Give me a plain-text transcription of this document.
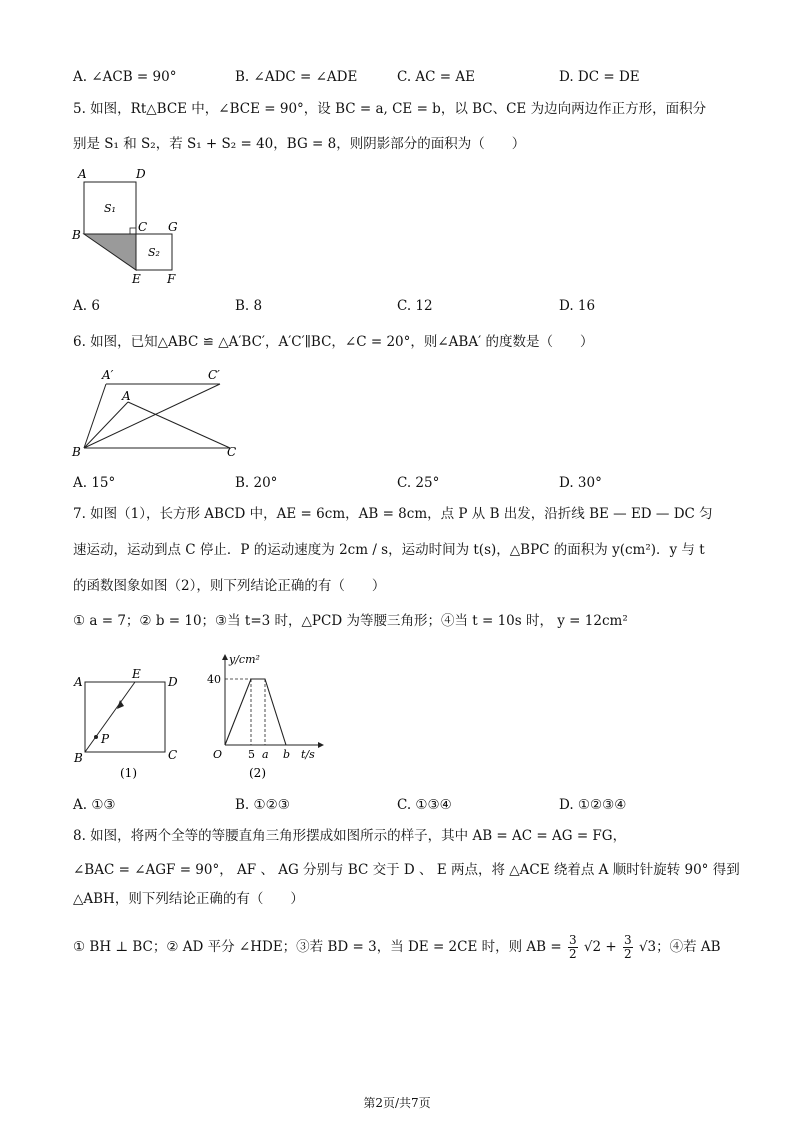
A. ∠ACB = 90°	B. ∠ADC = ∠ADE	C. AC = AE	D. DC = DE
5. 如图，Rt△BCE 中，∠BCE = 90°，设 BC = a, CE = b，以 BC、CE 为边向两边作正方形，面积分
别是 S₁ 和 S₂，若 S₁ + S₂ = 40，BG = 8，则阴影部分的面积为（　　）
A	D
B
C G
E F
S₁
S₂
A. 6	B. 8	C. 12	D. 16
6. 如图，已知△ABC ≌ △A′BC′，A′C′∥BC，∠C = 20°，则∠ABA′ 的度数是（　　）
A′	C′
A
B	C
A. 15°	B. 20°	C. 25°	D. 30°
7. 如图（1），长方形 ABCD 中，AE = 6cm，AB = 8cm，点 P 从 B 出发，沿折线 BE — ED — DC 匀
速运动，运动到点 C 停止．P 的运动速度为 2cm / s，运动时间为 t(s)，△BPC 的面积为 y(cm²)．y 与 t
的函数图象如图（2），则下列结论正确的有（　　）
① a = 7；② b = 10；③当 t=3 时，△PCD 为等腰三角形；④当 t = 10s 时， y = 12cm²
A
E
D
B	C
P
(1)
y/cm²
40
O 5 a b t/s
(2)
A. ①③	B. ①②③	C. ①③④	D. ①②③④
8. 如图，将两个全等的等腰直角三角形摆成如图所示的样子，其中 AB = AC = AG = FG，
∠BAC = ∠AGF = 90°， AF 、 AG 分别与 BC 交于 D 、 E 两点，将 △ACE 绕着点 A 顺时针旋转 90° 得到
△ABH，则下列结论正确的有（　　）
① BH ⊥ BC；② AD 平分 ∠HDE；③若 BD = 3，当 DE = 2CE 时，则 AB = $\frac{3}{2} √2 + \frac{3}{2} √3$；④若 AB
第2页/共7页
